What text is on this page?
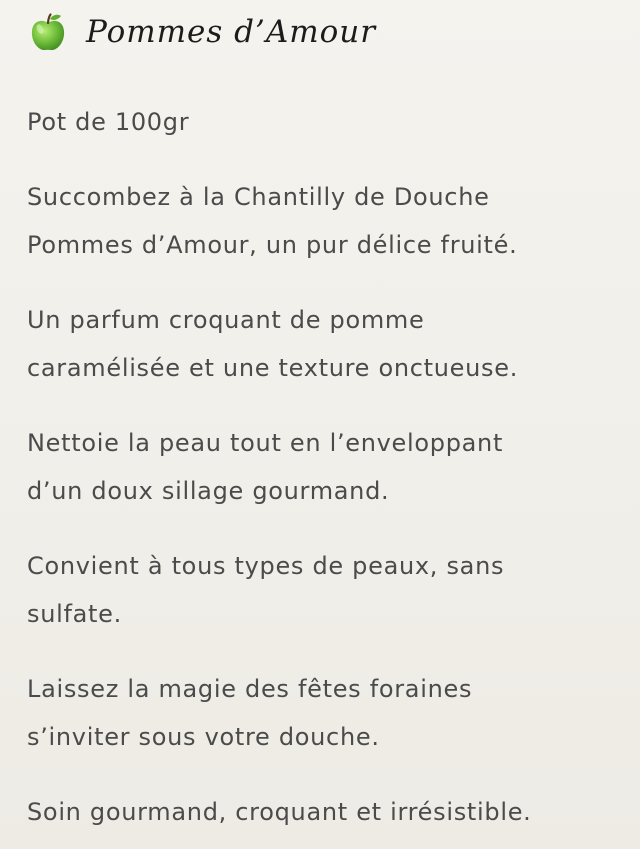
Pommes d’Amour

Pot de 100gr

Succombez à la Chantilly de Douche
Pommes d’Amour, un pur délice fruité.

Un parfum croquant de pomme
caramélisée et une texture onctueuse.

Nettoie la peau tout en l’enveloppant
d’un doux sillage gourmand.

Convient à tous types de peaux, sans
sulfate.

Laissez la magie des fêtes foraines
s’inviter sous votre douche.

Soin gourmand, croquant et irrésistible.
